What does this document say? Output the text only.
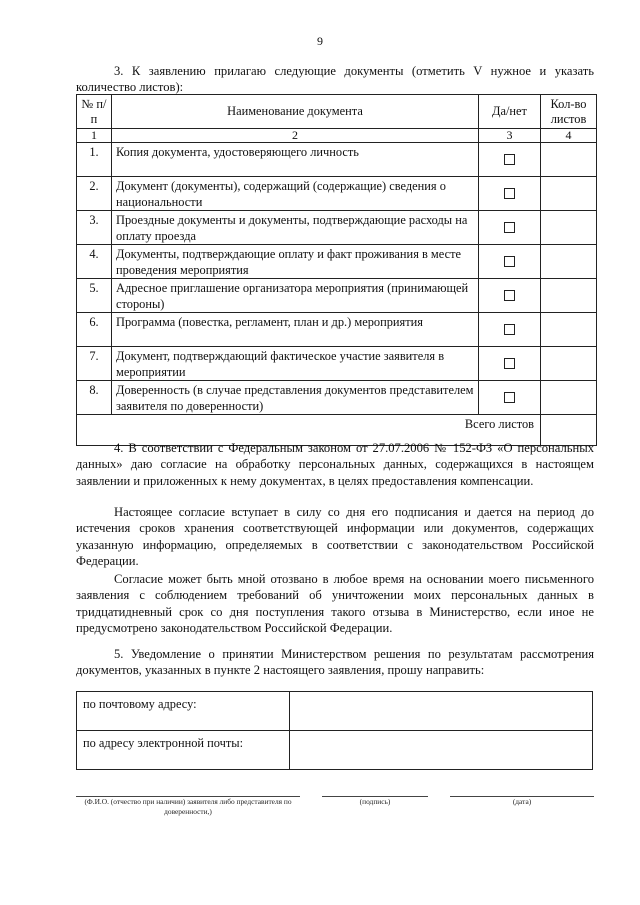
9
3. К заявлению прилагаю следующие документы (отметить V нужное и указать количество листов):
№ п/п	Наименование документа	Да/нет	Кол-во листов
1	2	3	4
1.	Копия документа, удостоверяющего личность		
2.	Документ (документы), содержащий (содержащие) сведения о национальности		
3.	Проездные документы и документы, подтверждающие расходы на оплату проезда		
4.	Документы, подтверждающие оплату и факт проживания в месте проведения мероприятия		
5.	Адресное приглашение организатора мероприятия (принимающей стороны)		
6.	Программа (повестка, регламент, план и др.) мероприятия		
7.	Документ, подтверждающий фактическое участие заявителя в мероприятии		
8.	Доверенность (в случае представления документов представителем заявителя по доверенности)		
Всего листов			
4. В соответствии с Федеральным законом от 27.07.2006 № 152-ФЗ «О персональных данных» даю согласие на обработку персональных данных, содержащихся в настоящем заявлении и приложенных к нему документах, в целях предоставления компенсации.
Настоящее согласие вступает в силу со дня его подписания и дается на период до истечения сроков хранения соответствующей информации или документов, содержащих указанную информацию, определяемых в соответствии с законодательством Российской Федерации.
Согласие может быть мной отозвано в любое время на основании моего письменного заявления с соблюдением требований об уничтожении моих персональных данных в тридцатидневный срок со дня поступления такого отзыва в Министерство, если иное не предусмотрено законодательством Российской Федерации.
5. Уведомление о принятии Министерством решения по результатам рассмотрения документов, указанных в пункте 2 настоящего заявления, прошу направить:
по почтовому адресу:	
по адресу электронной почты:	
(Ф.И.О. (отчество при наличии) заявителя либо представителя по доверенности,)
(подпись)	(дата)
